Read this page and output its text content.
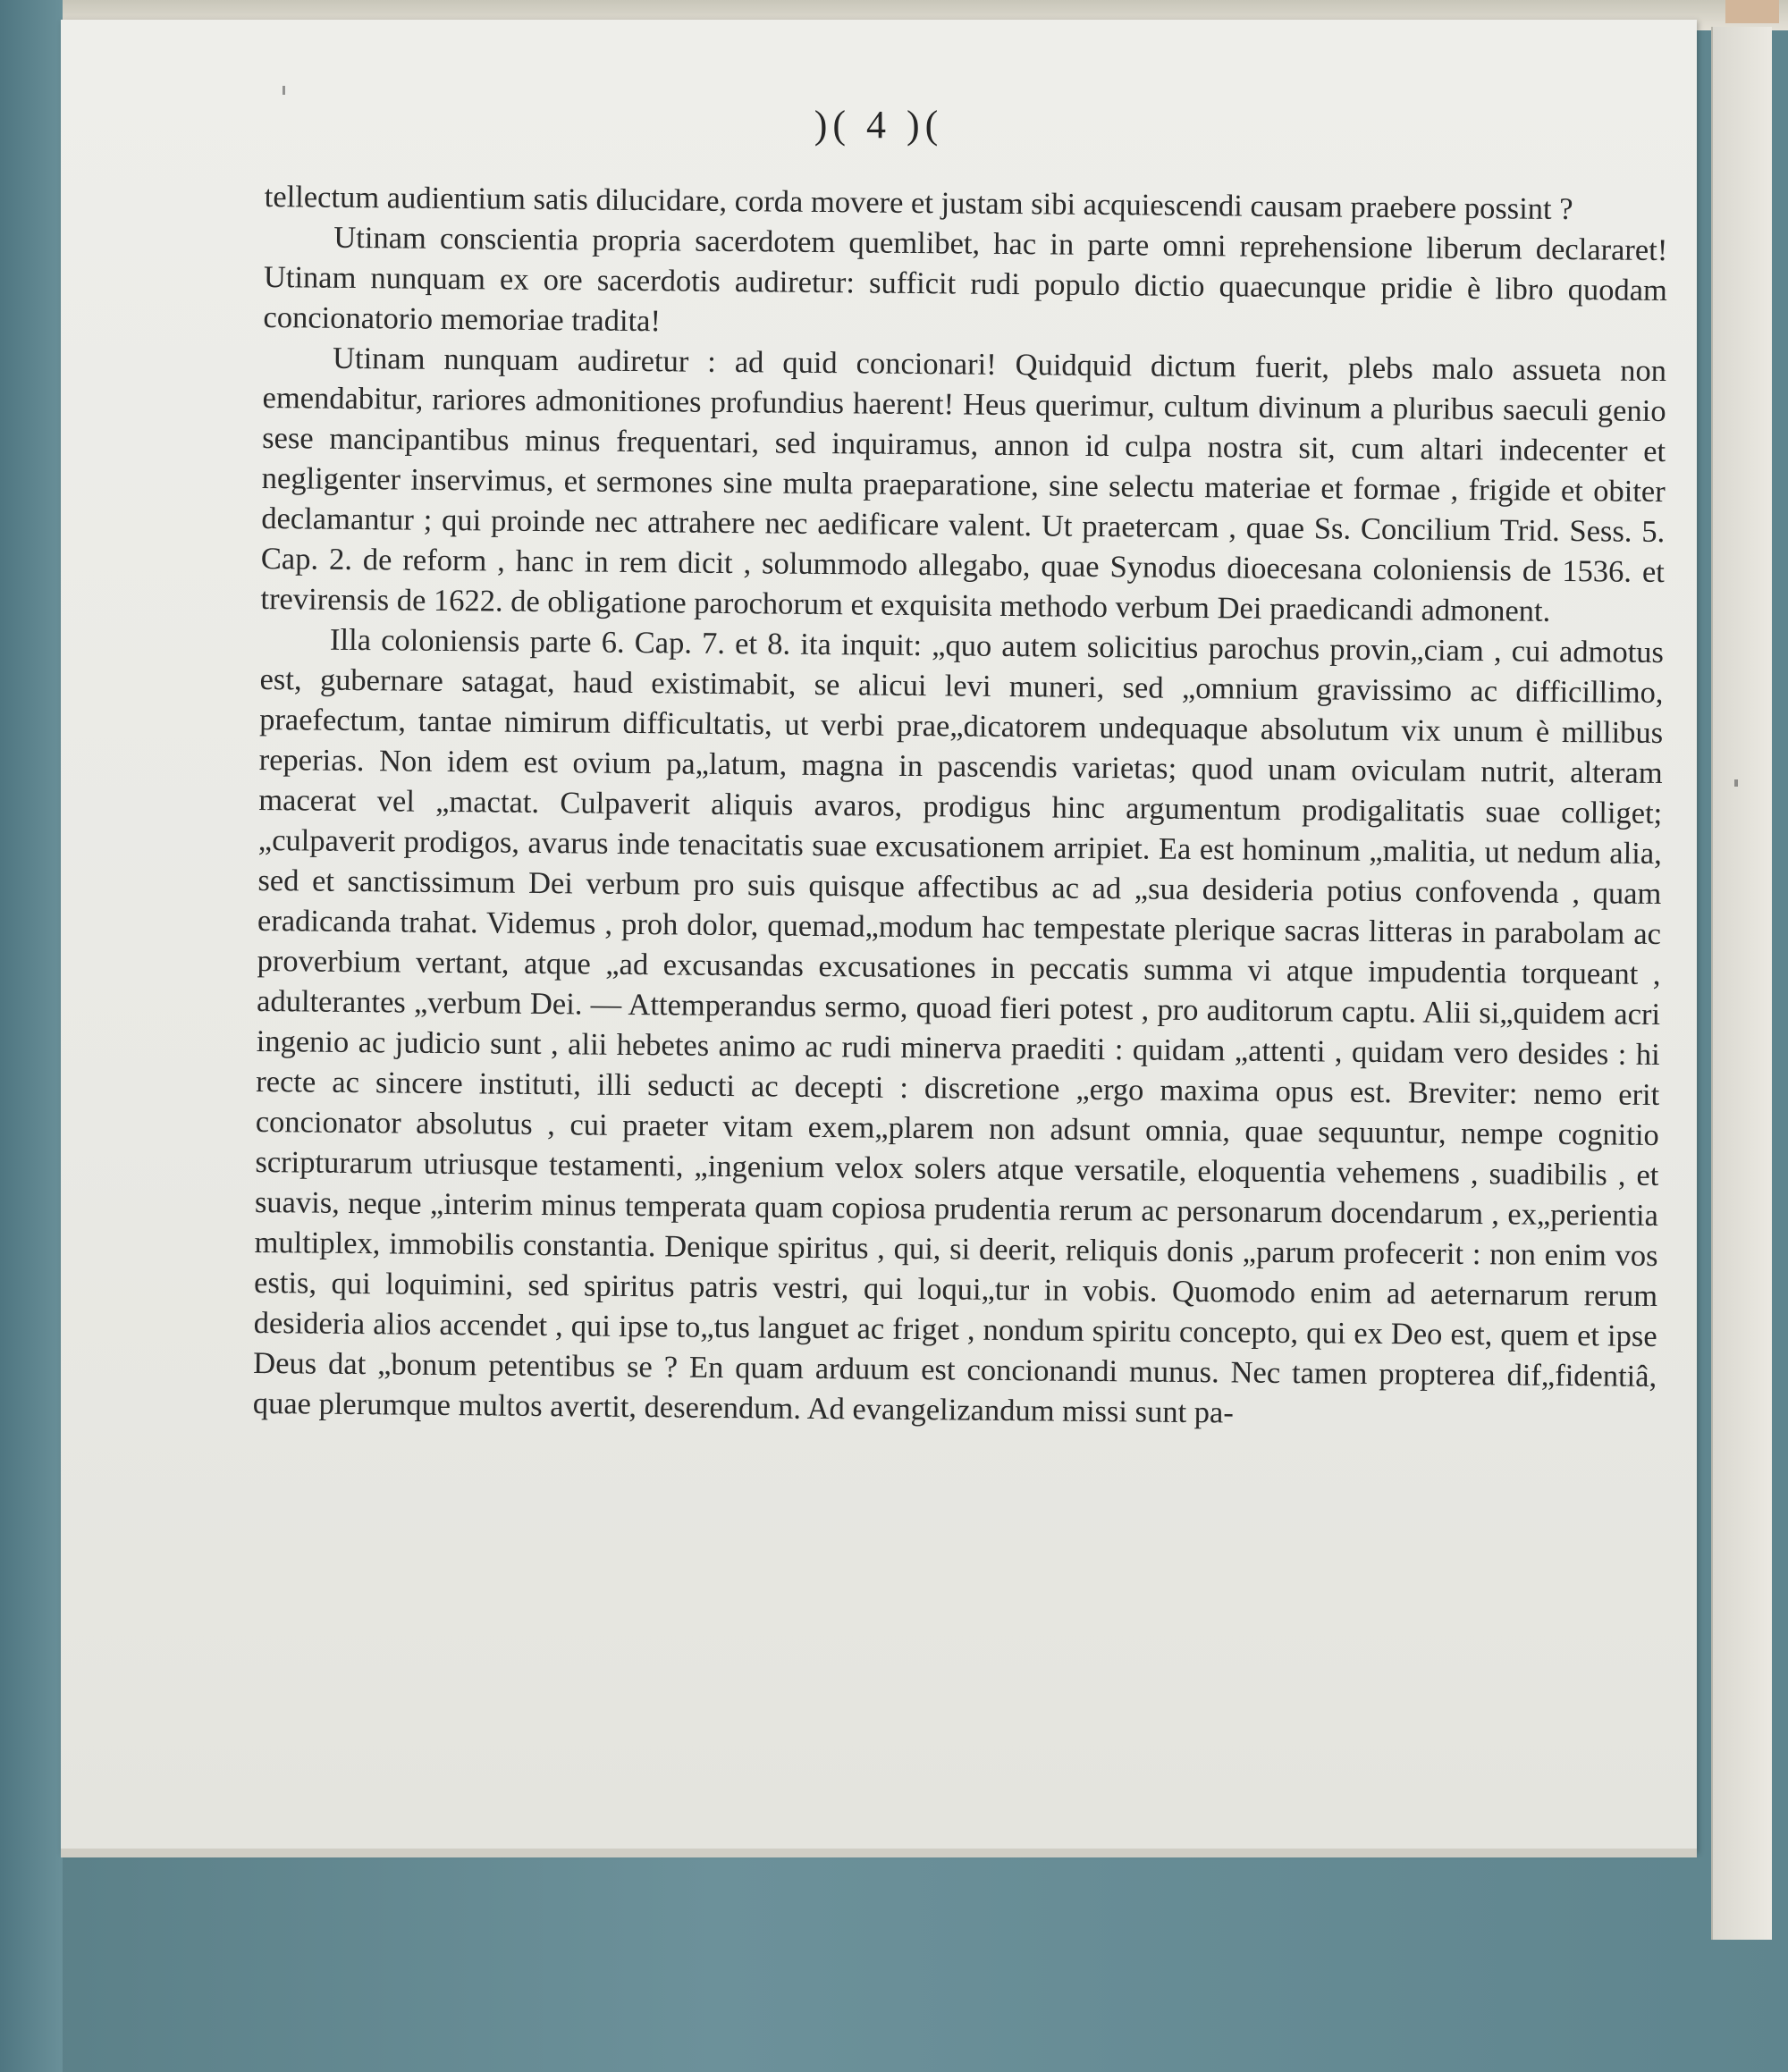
)( 4 )(

tellectum audientium satis dilucidare, corda movere et justam sibi acquiescendi causam praebere possint ?

Utinam conscientia propria sacerdotem quemlibet, hac in parte omni reprehensione liberum declararet! Utinam nunquam ex ore sacerdotis audiretur: sufficit rudi populo dictio quaecunque pridie è libro quodam concionatorio memoriae tradita!

Utinam nunquam audiretur : ad quid concionari! Quidquid dictum fuerit, plebs malo assueta non emendabitur, rariores admonitiones profundius haerent! Heus querimur, cultum divinum a pluribus saeculi genio sese mancipantibus minus frequentari, sed inquiramus, annon id culpa nostra sit, cum altari indecenter et negligenter inservimus, et sermones sine multa praeparatione, sine selectu materiae et formae , frigide et obiter declamantur ; qui proinde nec attrahere nec aedificare valent. Ut praetercam , quae Ss. Concilium Trid. Sess. 5. Cap. 2. de reform , hanc in rem dicit , solummodo allegabo, quae Synodus dioecesana coloniensis de 1536. et trevirensis de 1622. de obligatione parochorum et exquisita methodo verbum Dei praedicandi admonent.

Illa coloniensis parte 6. Cap. 7. et 8. ita inquit: „quo autem solicitius parochus provin„ciam , cui admotus est, gubernare satagat, haud existimabit, se alicui levi muneri, sed „omnium gravissimo ac difficillimo, praefectum, tantae nimirum difficultatis, ut verbi prae„dicatorem undequaque absolutum vix unum è millibus reperias. Non idem est ovium pa„latum, magna in pascendis varietas; quod unam oviculam nutrit, alteram macerat vel „mactat. Culpaverit aliquis avaros, prodigus hinc argumentum prodigalitatis suae colliget; „culpaverit prodigos, avarus inde tenacitatis suae excusationem arripiet. Ea est hominum „malitia, ut nedum alia, sed et sanctissimum Dei verbum pro suis quisque affectibus ac ad „sua desideria potius confovenda , quam eradicanda trahat. Videmus , proh dolor, quemad„modum hac tempestate plerique sacras litteras in parabolam ac proverbium vertant, atque „ad excusandas excusationes in peccatis summa vi atque impudentia torqueant , adulterantes „verbum Dei. — Attemperandus sermo, quoad fieri potest , pro auditorum captu. Alii si„quidem acri ingenio ac judicio sunt , alii hebetes animo ac rudi minerva praediti : quidam „attenti , quidam vero desides : hi recte ac sincere instituti, illi seducti ac decepti : discretione „ergo maxima opus est. Breviter: nemo erit concionator absolutus , cui praeter vitam exem„plarem non adsunt omnia, quae sequuntur, nempe cognitio scripturarum utriusque testamenti, „ingenium velox solers atque versatile, eloquentia vehemens , suadibilis , et suavis, neque „interim minus temperata quam copiosa prudentia rerum ac personarum docendarum , ex„perientia multiplex, immobilis constantia. Denique spiritus , qui, si deerit, reliquis donis „parum profecerit : non enim vos estis, qui loquimini, sed spiritus patris vestri, qui loqui„tur in vobis. Quomodo enim ad aeternarum rerum desideria alios accendet , qui ipse to„tus languet ac friget , nondum spiritu concepto, qui ex Deo est, quem et ipse Deus dat „bonum petentibus se ? En quam arduum est concionandi munus. Nec tamen propterea dif„fidentiâ, quae plerumque multos avertit, deserendum. Ad evangelizandum missi sunt pa-
